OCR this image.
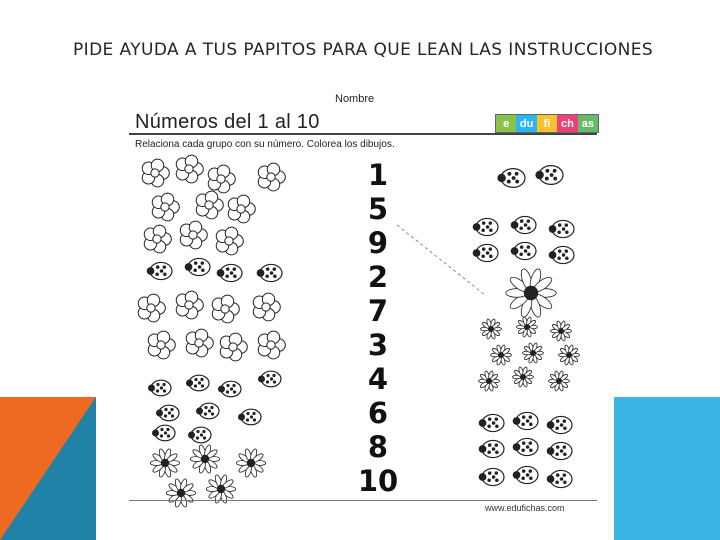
PIDE AYUDA A TUS PAPITOS PARA QUE LEAN LAS INSTRUCCIONES
Nombre
Números del 1 al 10	e du fi ch as
Relaciona cada grupo con su número. Colorea los dibujos.
1
5
9
2
7
3
4
6
8
10
www.edufichas.com
